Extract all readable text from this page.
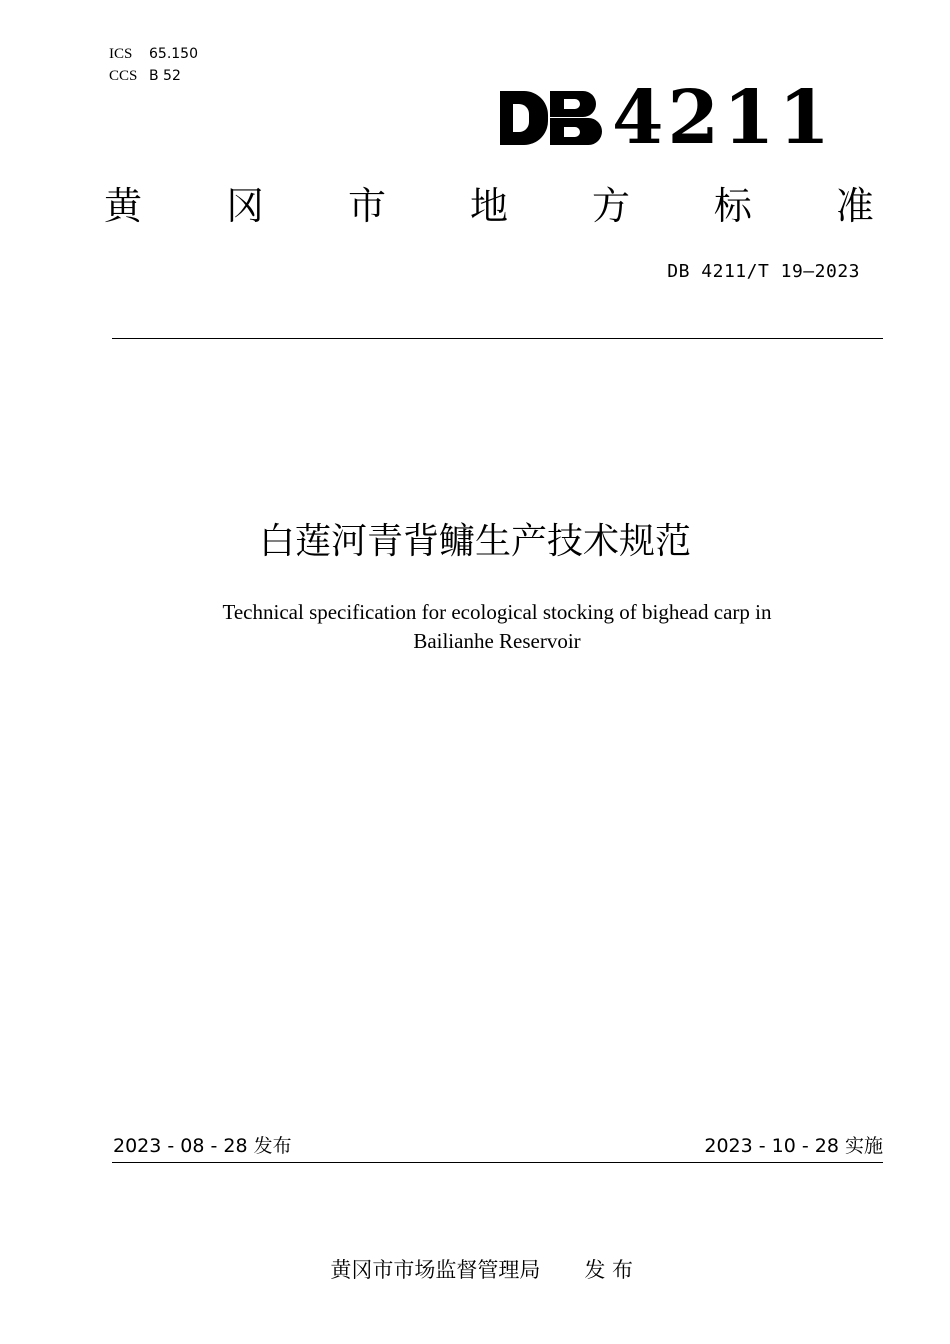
ICS	65.150
CCS B 52	4211
黄 冈 市 地 方 标 准
DB 4211/T 19—2023
白莲河青背鳙生产技术规范
Technical specification for ecological stocking of bighead carp in
Bailianhe Reservoir
2023 - 08 - 28 发布	2023 - 10 - 28 实施

黄冈市市场监督管理局 发 布
